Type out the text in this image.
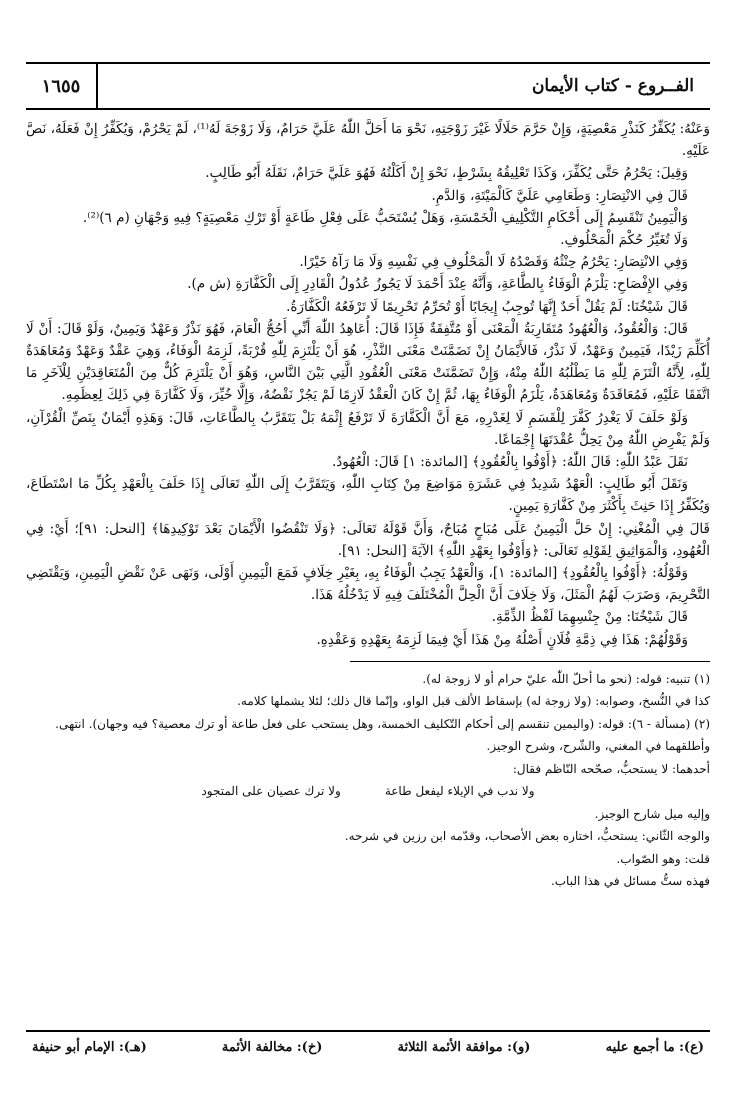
١٦٥٥	الفــروع - كتاب الأيمان

وَعَنْهُ: يُكَفِّرُ كَنَذْرِ مَعْصِيَةٍ، وَإِنْ حَرَّمَ حَلَالًا غَيْرَ زَوْجَتِهِ، نَحْوَ مَا أَحَلَّ اللّٰهُ عَلَيَّ حَرَامٌ، وَلَا زَوْجَةَ لَهُ⁽¹⁾، لَمْ يَحْرُمْ، وَيُكَفِّرُ إِنْ فَعَلَهُ، نَصَّ عَلَيْهِ.

وَقِيلَ: يَحْرُمُ حَتَّى يُكَفِّرَ، وَكَذَا تَعْلِيقُهُ بِشَرْطٍ، نَحْوَ إِنْ أَكَلْتُهُ فَهُوَ عَلَيَّ حَرَامٌ، نَقَلَهُ أَبُو طَالِبٍ.

قَالَ فِي الانْتِصَارِ: وَطَعَامِي عَلَيَّ كَالْمَيْتَةِ، وَالدَّمِ.

وَالْيَمِينُ تَنْقَسِمُ إِلَى أَحْكَامِ التَّكْلِيفِ الْخَمْسَةِ، وَهَلْ يُسْتَحَبُّ عَلَى فِعْلِ طَاعَةٍ أَوْ تَرْكِ مَعْصِيَةٍ؟ فِيهِ وَجْهَانِ (م ٦)⁽²⁾.

وَلَا تُغَيِّرُ حُكْمَ الْمَحْلُوفِ.

وَفِي الانْتِصَارِ: يَحْرُمُ حِنْثُهُ وَقَصْدُهُ لَا الْمَحْلُوفِ فِي نَفْسِهِ وَلَا مَا رَآهُ خَيْرًا.

وَفِي الإِفْصَاحِ: يَلْزَمُ الْوَفَاءُ بِالطَّاعَةِ، وَأَنَّهُ عِنْدَ أَحْمَدَ لَا يَجُوزُ عُدُولُ الْقَادِرِ إِلَى الْكَفَّارَةِ (ش م).

قَالَ شَيْخُنَا: لَمْ يَقُلْ أَحَدٌ إِنَّهَا تُوجِبُ إِيجَابًا أَوْ تُحَرِّمُ تَحْرِيمًا لَا تَرْفَعُهُ الْكَفَّارَةُ.

قَالَ: وَالْعُقُودُ، وَالْعُهُودُ مُتَقَارِبَةُ الْمَعْنَى أَوْ مُتَّفِقَةٌ فَإِذَا قَالَ: أُعَاهِدُ اللّٰهَ أَنِّي أَحُجُّ الْعَامَ، فَهُوَ نَذْرٌ وَعَهْدٌ وَيَمِينٌ، وَلَوْ قَالَ: أَنْ لَا أُكَلِّمَ زَيْدًا، فَيَمِينٌ وَعَهْدٌ، لَا نَذْرٌ، فَالأَيْمَانُ إِنْ تَضَمَّنَتْ مَعْنَى النَّذْرِ، هُوَ أَنْ يَلْتَزِمَ لِلّٰهِ قُرْبَةً، لَزِمَهُ الْوَفَاءُ، وَهِيَ عَقْدٌ وَعَهْدٌ وَمُعَاهَدَةٌ لِلّٰهِ، لِأَنَّهُ الْتَزَمَ لِلّٰهِ مَا يَطْلُبُهُ اللّٰهُ مِنْهُ، وَإِنْ تَضَمَّنَتْ مَعْنَى الْعُقُودِ الَّتِي بَيْنَ النَّاسِ، وَهُوَ أَنْ يَلْتَزِمَ كُلٌّ مِنَ الْمُتَعَاقِدَيْنِ لِلْآخَرِ مَا اتَّفَقَا عَلَيْهِ، فَمُعَاقَدَةٌ وَمُعَاهَدَةٌ، يَلْزَمُ الْوَفَاءُ بِهَا، ثُمَّ إِنْ كَانَ الْعَقْدُ لَازِمًا لَمْ يَجُزْ نَقْضُهُ، وَإِلَّا خُيِّرَ، وَلَا كَفَّارَةَ فِي ذَلِكَ لِعِظَمِهِ.

وَلَوْ حَلَفَ لَا يَغْدِرُ كَفَّرَ لِلْقَسَمِ لَا لِغَدْرِهِ، مَعَ أَنَّ الْكَفَّارَةَ لَا تَرْفَعُ إِثْمَهُ بَلْ يَتَقَرَّبُ بِالطَّاعَاتِ، قَالَ: وَهَذِهِ أَيْمَانٌ بِنَصِّ الْقُرْآنِ، وَلَمْ يَفْرِضِ اللّٰهُ مِنْ يَحِلُّ عُقْدَتَهَا إِجْمَاعًا.

نَقَلَ عَبْدُ اللّٰهِ: قَالَ اللّٰهُ: ﴿أَوْفُوا بِالْعُقُودِ﴾ [المائدة: ١] قَالَ: الْعُهُودُ.

وَنَقَلَ أَبُو طَالِبٍ: الْعَهْدُ شَدِيدٌ فِي عَشَرَةِ مَوَاضِعَ مِنْ كِتَابِ اللّٰهِ، وَيَتَقَرَّبُ إِلَى اللّٰهِ تَعَالَى إِذَا حَلَفَ بِالْعَهْدِ بِكُلِّ مَا اسْتَطَاعَ، وَيُكَفِّرُ إِذَا حَنِثَ بِأَكْثَرَ مِنْ كَفَّارَةِ يَمِينٍ.

قَالَ فِي الْمُغْنِي: إِنْ حَلَّ الْيَمِينُ عَلَى مُبَاحٍ مُبَاحٌ، وَأَنَّ قَوْلَهُ تَعَالَى: ﴿وَلَا تَنْقُضُوا الْأَيْمَانَ بَعْدَ تَوْكِيدِهَا﴾ [النحل: ٩١]؛ أَيْ: فِي الْعُهُودِ، وَالْمَوَاثِيقِ لِقَوْلِهِ تَعَالَى: ﴿وَأَوْفُوا بِعَهْدِ اللّٰهِ﴾ الآيَةَ [النحل: ٩١].

وَقَوْلُهُ: ﴿أَوْفُوا بِالْعُقُودِ﴾ [المائدة: ١]، وَالْعَهْدُ يَجِبُ الْوَفَاءُ بِهِ، بِغَيْرِ خِلَافٍ فَمَعَ الْيَمِينِ أَوْلَى، وَنَهَى عَنْ نَقْضِ الْيَمِينِ، وَيَقْتَضِي التَّحْرِيمَ، وَضَرَبَ لَهُمُ الْمَثَلَ، وَلَا خِلَافَ أَنَّ الْحِلَّ الْمُخْتَلَفَ فِيهِ لَا يَدْخُلُهُ هَذَا.

قَالَ شَيْخُنَا: مِنْ جِنْسِهِمَا لَفْظُ الذِّمَّةِ.

وَقَوْلُهُمْ: هَذَا فِي ذِمَّةِ فُلَانٍ أَصْلُهُ مِنْ هَذَا أَيْ فِيمَا لَزِمَهُ بِعَهْدِهِ وَعَقْدِهِ.

(١) تنبيه: قوله: (نحو ما أحلّ اللّٰه عليّ حرام أو لا زوجة له).

كذا في النُّسخ، وصوابه: (ولا زوجة له) بإسقاط الألف قبل الواو، وإنّما قال ذلك؛ لئلا يشملها كلامه.

(٢) (مسألة - ٦): قوله: (واليمين تنقسم إلى أحكام التّكليف الخمسة، وهل يستحب على فعل طاعة أو ترك معصية؟ فيه وجهان). انتهى.

وأطلقهما في المغني، والشّرح، وشرح الوجيز.

أحدهما: لا يستحبُّ، صحّحه النّاظم فقال:

ولا ندب في الإيلاء ليفعل طاعة
ولا ترك عصيان على المتجود

وإليه ميل شارح الوجيز.

والوجه الثّاني: يستحبُّ، اختاره بعض الأصحاب، وقدّمه ابن رزين في شرحه.

قلت: وهو الصّواب.

فهذه ستُّ مسائل في هذا الباب.

(ع): ما أجمع عليه
(و): موافقة الأئمة الثلاثة
(خ): مخالفة الأئمة
(هـ): الإمام أبو حنيفة
